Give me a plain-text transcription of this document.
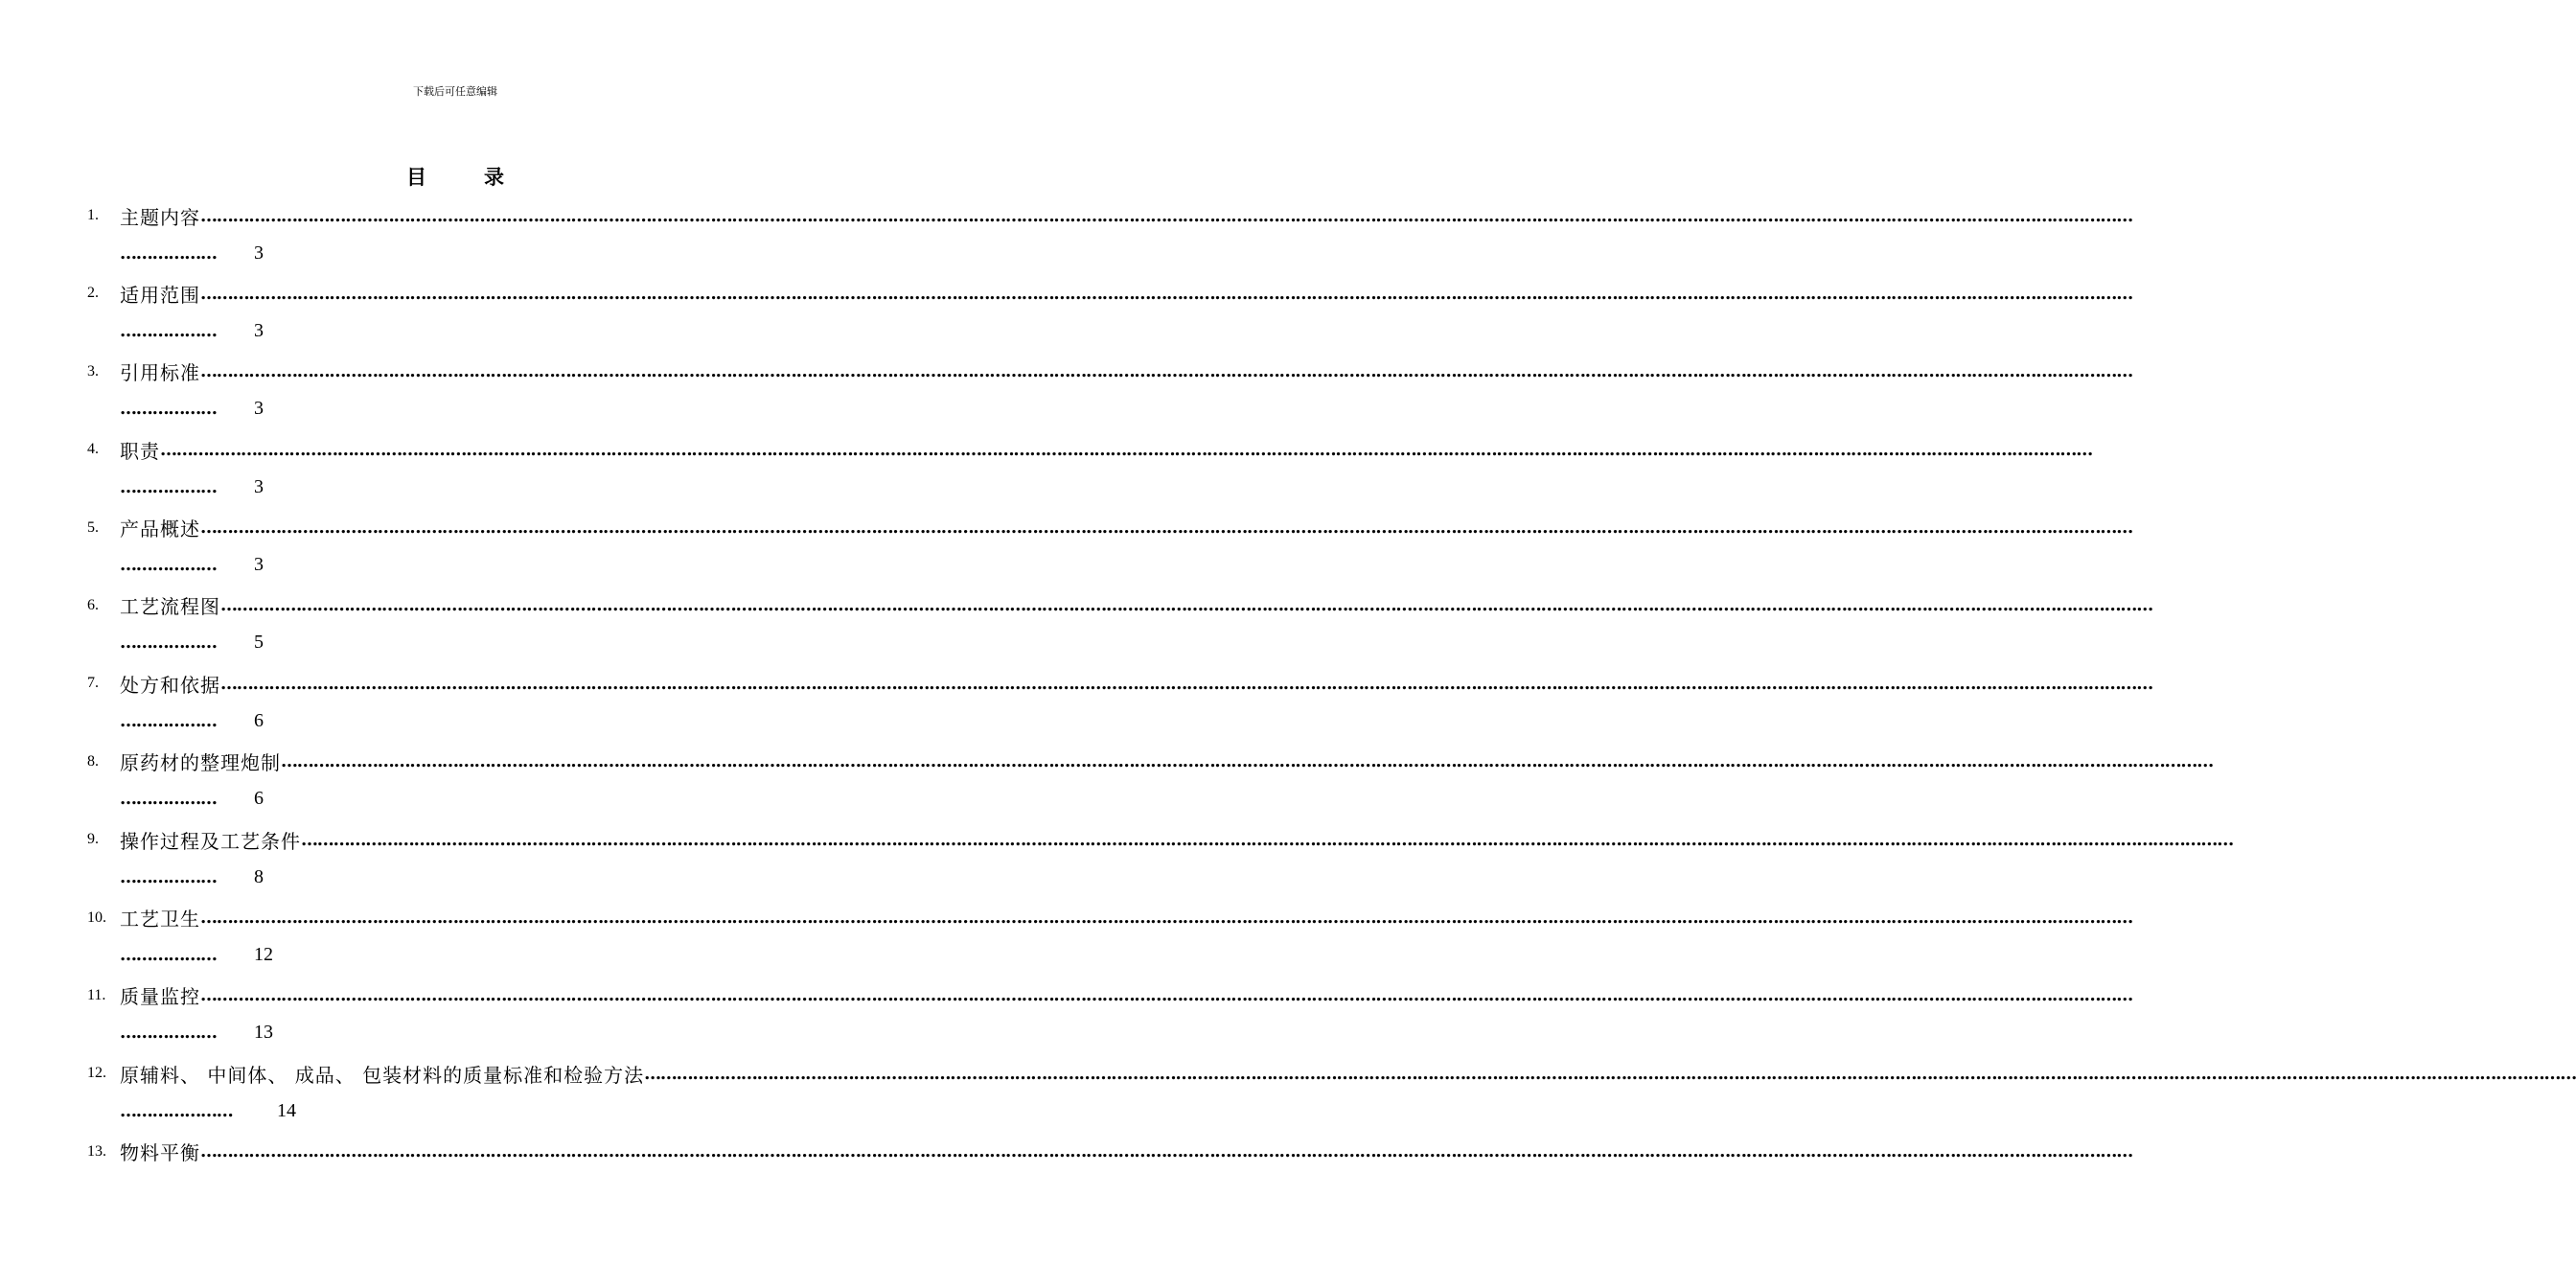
下载后可任意编辑
目	录
1.	主题内容 ………………………………………………………………………………………………………………………………………………………………………………………………………………………………………………………………………………………………………………………………
………………	3
2.	适用范围 ………………………………………………………………………………………………………………………………………………………………………………………………………………………………………………………………………………………………………………………………
………………	3
3.	引用标准 ………………………………………………………………………………………………………………………………………………………………………………………………………………………………………………………………………………………………………………………………
………………	3
4.	职责 ………………………………………………………………………………………………………………………………………………………………………………………………………………………………………………………………………………………………………………………………
………………	3
5.	产品概述 ………………………………………………………………………………………………………………………………………………………………………………………………………………………………………………………………………………………………………………………………
………………	3
6.	工艺流程图 ………………………………………………………………………………………………………………………………………………………………………………………………………………………………………………………………………………………………………………………………
………………	5
7.	处方和依据 ………………………………………………………………………………………………………………………………………………………………………………………………………………………………………………………………………………………………………………………………
………………	6
8.	原药材的整理炮制 ………………………………………………………………………………………………………………………………………………………………………………………………………………………………………………………………………………………………………………………………
………………	6
9.	操作过程及工艺条件 ………………………………………………………………………………………………………………………………………………………………………………………………………………………………………………………………………………………………………………………………
………………	8
10. 工艺卫生 ………………………………………………………………………………………………………………………………………………………………………………………………………………………………………………………………………………………………………………………………
………………	12
11. 质量监控 ………………………………………………………………………………………………………………………………………………………………………………………………………………………………………………………………………………………………………………………………
………………	13
12. 原辅料、 中间体、 成品、 包装材料的质量标准和检验方法 ………………………………………………………………………………………………………………………………………………………………………………………………………………………………………………………………………………………………………………………………
…………………	14
13. 物料平衡 ………………………………………………………………………………………………………………………………………………………………………………………………………………………………………………………………………………………………………………………………
